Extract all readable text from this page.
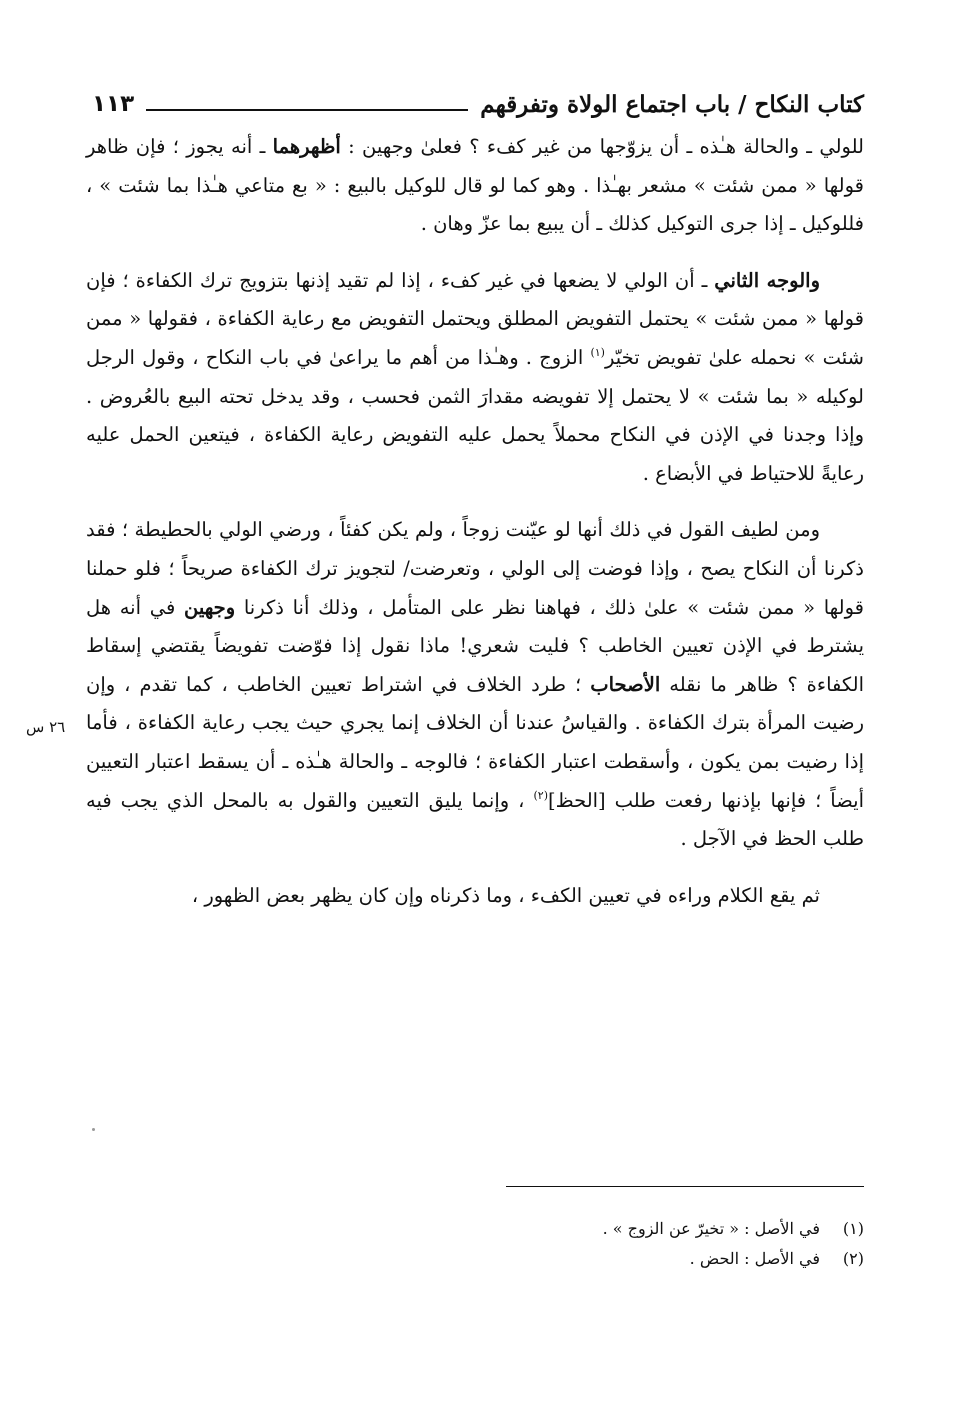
كتاب النكاح / باب اجتماع الولاة وتفرقهم
١١٣

للولي ـ والحالة هـٰذه ـ أن يزوّجها من غير كفء ؟ فعلىٰ وجهين : أظهرهما ـ أنه يجوز ؛ فإن ظاهر قولها « ممن شئت » مشعر بهـٰذا . وهو كما لو قال للوكيل بالبيع : « بع متاعي هـٰذا بما شئت » ، فللوكيل ـ إذا جرى التوكيل كذلك ـ أن يبيع بما عزّ وهان .

والوجه الثاني ـ أن الولي لا يضعها في غير كفء ، إذا لم تقيد إذنها بتزويج ترك الكفاءة ؛ فإن قولها « ممن شئت » يحتمل التفويض المطلق ويحتمل التفويض مع رعاية الكفاءة ، فقولها « ممن شئت » نحمله علىٰ تفويض تخيّر$^{(١)}$ الزوج . وهـٰذا من أهم ما يراعىٰ في باب النكاح ، وقول الرجل لوكيله « بما شئت » لا يحتمل إلا تفويضه مقدارَ الثمن فحسب ، وقد يدخل تحته البيع بالعُروض . وإذا وجدنا في الإذن في النكاح محملاً يحمل عليه التفويض رعاية الكفاءة ، فيتعين الحمل عليه رعايةً للاحتياط في الأبضاع .

ومن لطيف القول في ذلك أنها لو عيّنت زوجاً ، ولم يكن كفئاً ، ورضي الولي بالحطيطة ؛ فقد ذكرنا أن النكاح يصح ، وإذا فوضت إلى الولي ، وتعرضت/ لتجويز ترك الكفاءة صريحاً ؛ فلو حملنا قولها « ممن شئت » علىٰ ذلك ، فهاهنا نظر على المتأمل ، وذلك أنا ذكرنا وجهين في أنه هل يشترط في الإذن تعيين الخاطب ؟ فليت شعري! ماذا نقول إذا فوّضت تفويضاً يقتضي إسقاط الكفاءة ؟ ظاهر ما نقله الأصحاب ؛ طرد الخلاف في اشتراط تعيين الخاطب ، كما تقدم ، وإن رضيت المرأة بترك الكفاءة . والقياسُ عندنا أن الخلاف إنما يجري حيث يجب رعاية الكفاءة ، فأما إذا رضيت بمن يكون ، وأسقطت اعتبار الكفاءة ؛ فالوجه ـ والحالة هـٰذه ـ أن يسقط اعتبار التعيين أيضاً ؛ فإنها بإذنها رفعت طلب [الحظ]$^{(٢)}$ ، وإنما يليق التعيين والقول به بالمحل الذي يجب فيه طلب الحظ في الآجل .

ثم يقع الكلام وراءه في تعيين الكفء ، وما ذكرناه وإن كان يظهر بعض الظهور ،

٢٦ س
(١)
في الأصل : « تخيرّ عن الزوج » .
(٢)
في الأصل : الحض .
